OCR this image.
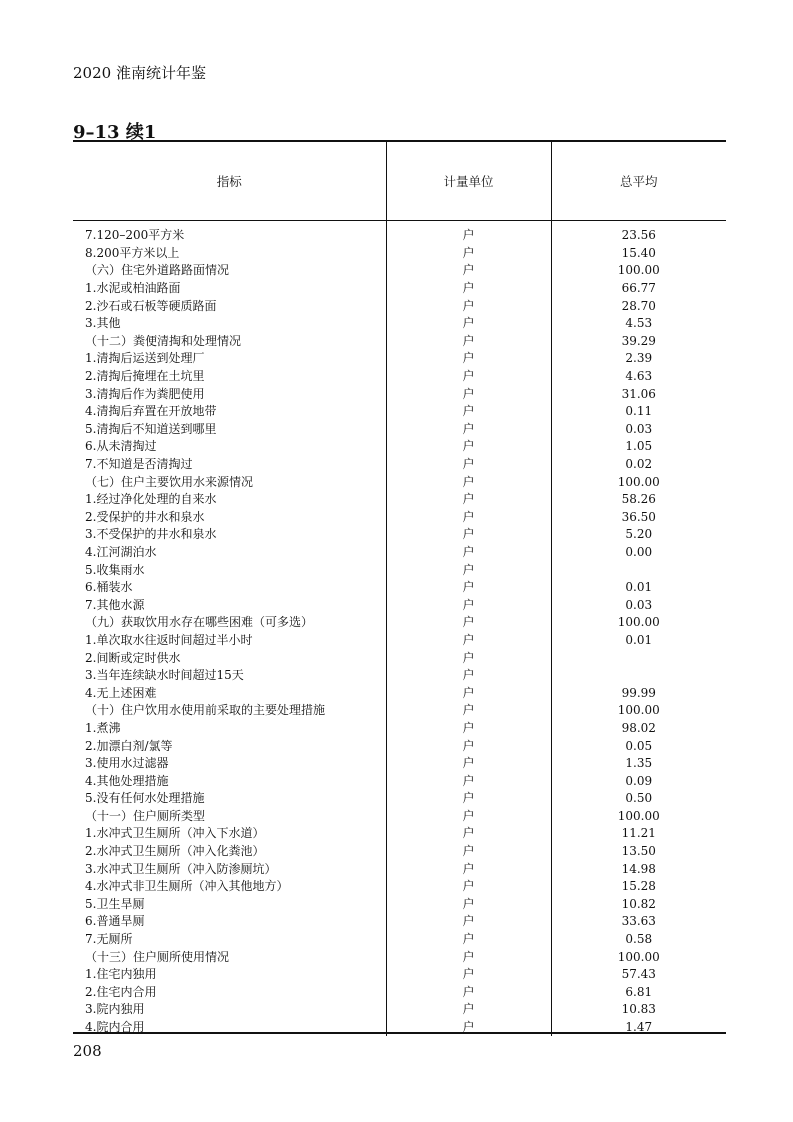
2020 淮南统计年鉴
9–13 续1
指标	计量单位	总平均

7.120–200平方米	户	23.56
8.200平方米以上	户	15.40
（六）住宅外道路路面情况	户	100.00
1.水泥或柏油路面	户	66.77
2.沙石或石板等硬质路面	户	28.70
3.其他	户	4.53
（十二）粪便清掏和处理情况	户	39.29
1.清掏后运送到处理厂	户	2.39
2.清掏后掩埋在土坑里	户	4.63
3.清掏后作为粪肥使用	户	31.06
4.清掏后弃置在开放地带	户	0.11
5.清掏后不知道送到哪里	户	0.03
6.从未清掏过	户	1.05
7.不知道是否清掏过	户	0.02
（七）住户主要饮用水来源情况	户	100.00
1.经过净化处理的自来水	户	58.26
2.受保护的井水和泉水	户	36.50
3.不受保护的井水和泉水	户	5.20
4.江河湖泊水	户	0.00
5.收集雨水	户	
6.桶装水	户	0.01
7.其他水源	户	0.03
（九）获取饮用水存在哪些困难（可多选）	户	100.00
1.单次取水往返时间超过半小时	户	0.01
2.间断或定时供水	户	
3.当年连续缺水时间超过15天	户	
4.无上述困难	户	99.99
（十）住户饮用水使用前采取的主要处理措施	户	100.00
1.煮沸	户	98.02
2.加漂白剂/氯等	户	0.05
3.使用水过滤器	户	1.35
4.其他处理措施	户	0.09
5.没有任何水处理措施	户	0.50
（十一）住户厕所类型	户	100.00
1.水冲式卫生厕所（冲入下水道）	户	11.21
2.水冲式卫生厕所（冲入化粪池）	户	13.50
3.水冲式卫生厕所（冲入防渗厕坑）	户	14.98
4.水冲式非卫生厕所（冲入其他地方）	户	15.28
5.卫生旱厕	户	10.82
6.普通旱厕	户	33.63
7.无厕所	户	0.58
（十三）住户厕所使用情况	户	100.00
1.住宅内独用	户	57.43
2.住宅内合用	户	6.81
3.院内独用	户	10.83
4.院内合用	户	1.47
208
